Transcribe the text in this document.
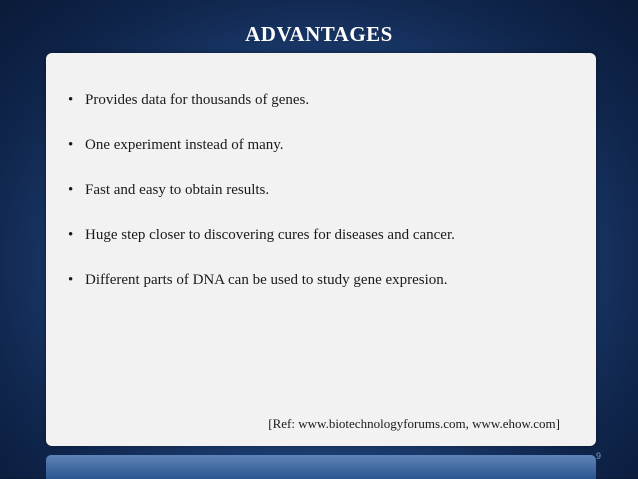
ADVANTAGES
• Provides data for thousands of genes.
• One experiment instead of many.
• Fast and easy to obtain results.
• Huge step closer to discovering cures for diseases and cancer.
• Different parts of DNA can be used to study gene expresion.
[Ref: www.biotechnologyforums.com, www.ehow.com]
9
